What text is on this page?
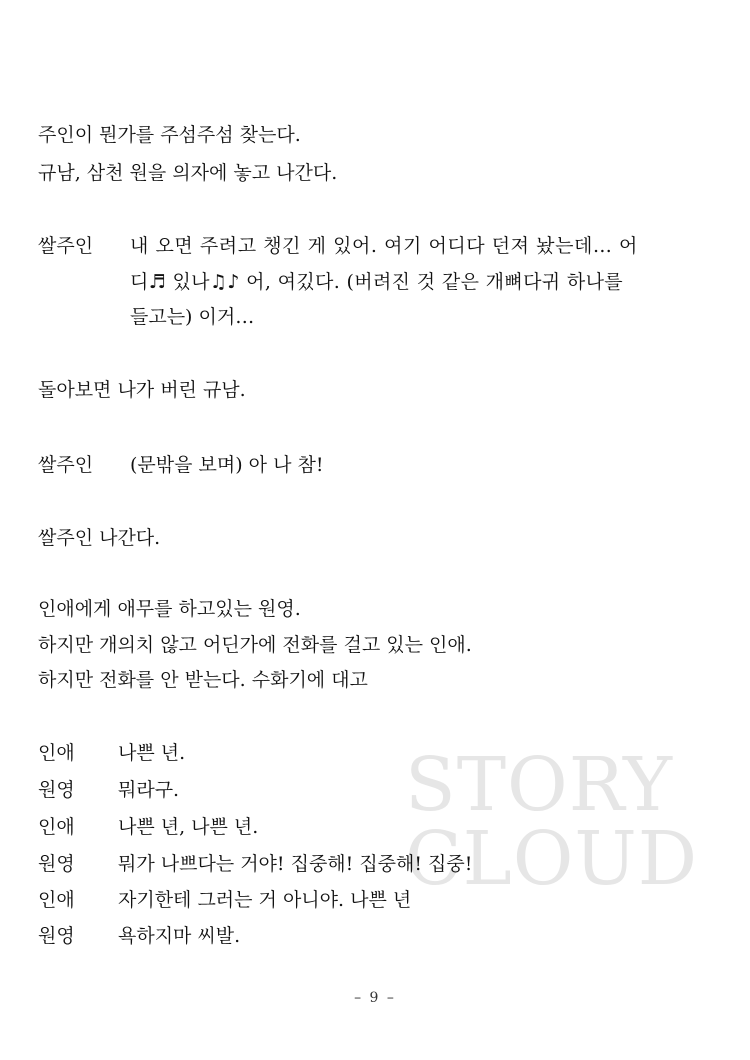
주인이 뭔가를 주섬주섬 찾는다.
규남, 삼천 원을 의자에 놓고 나간다.
쌀주인 내 오면 주려고 챙긴 게 있어. 여기 어디다 던져 놨는데… 어
디♬ 있나♫♪ 어, 여깄다. (버려진 것 같은 개뼈다귀 하나를
들고는) 이거…
돌아보면 나가 버린 규남.
쌀주인 (문밖을 보며) 아 나 참!
쌀주인 나간다.
인애에게 애무를 하고있는 원영.
하지만 개의치 않고 어딘가에 전화를 걸고 있는 인애.
하지만 전화를 안 받는다. 수화기에 대고
STORY
CLOUD
인애 나쁜 년.
원영 뭐라구.
인애 나쁜 년, 나쁜 년.
원영 뭐가 나쁘다는 거야! 집중해! 집중해! 집중!
인애 자기한테 그러는 거 아니야. 나쁜 년
원영 욕하지마 씨발.
– 9 –
